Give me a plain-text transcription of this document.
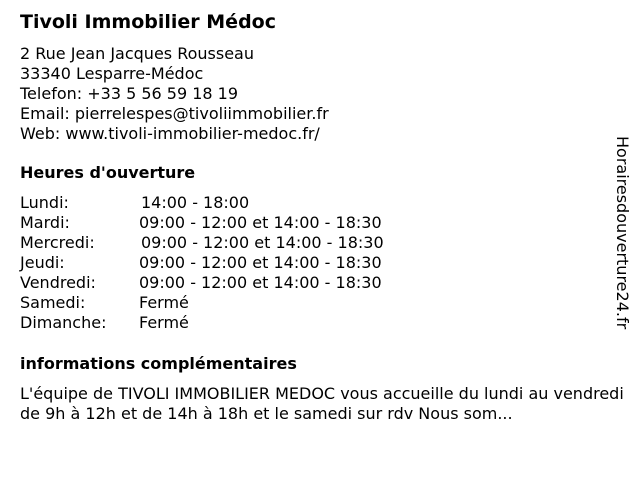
Tivoli Immobilier Médoc
2 Rue Jean Jacques Rousseau
33340 Lesparre-Médoc
Telefon: +33 5 56 59 18 19
Email: pierrelespes@tivoliimmobilier.fr
Web: www.tivoli-immobilier-medoc.fr/
Heures d'ouverture
Lundi:	14:00 - 18:00
Mardi:	09:00 - 12:00 et 14:00 - 18:30
Mercredi:	09:00 - 12:00 et 14:00 - 18:30
Jeudi:	09:00 - 12:00 et 14:00 - 18:30
Vendredi:	09:00 - 12:00 et 14:00 - 18:30
Samedi:	Fermé
Dimanche: Fermé
informations complémentaires
L'équipe de TIVOLI IMMOBILIER MEDOC vous accueille du lundi au vendredi de 9h à 12h et de 14h à 18h et le samedi sur rdv Nous som...
Horairesdouverture24.fr
